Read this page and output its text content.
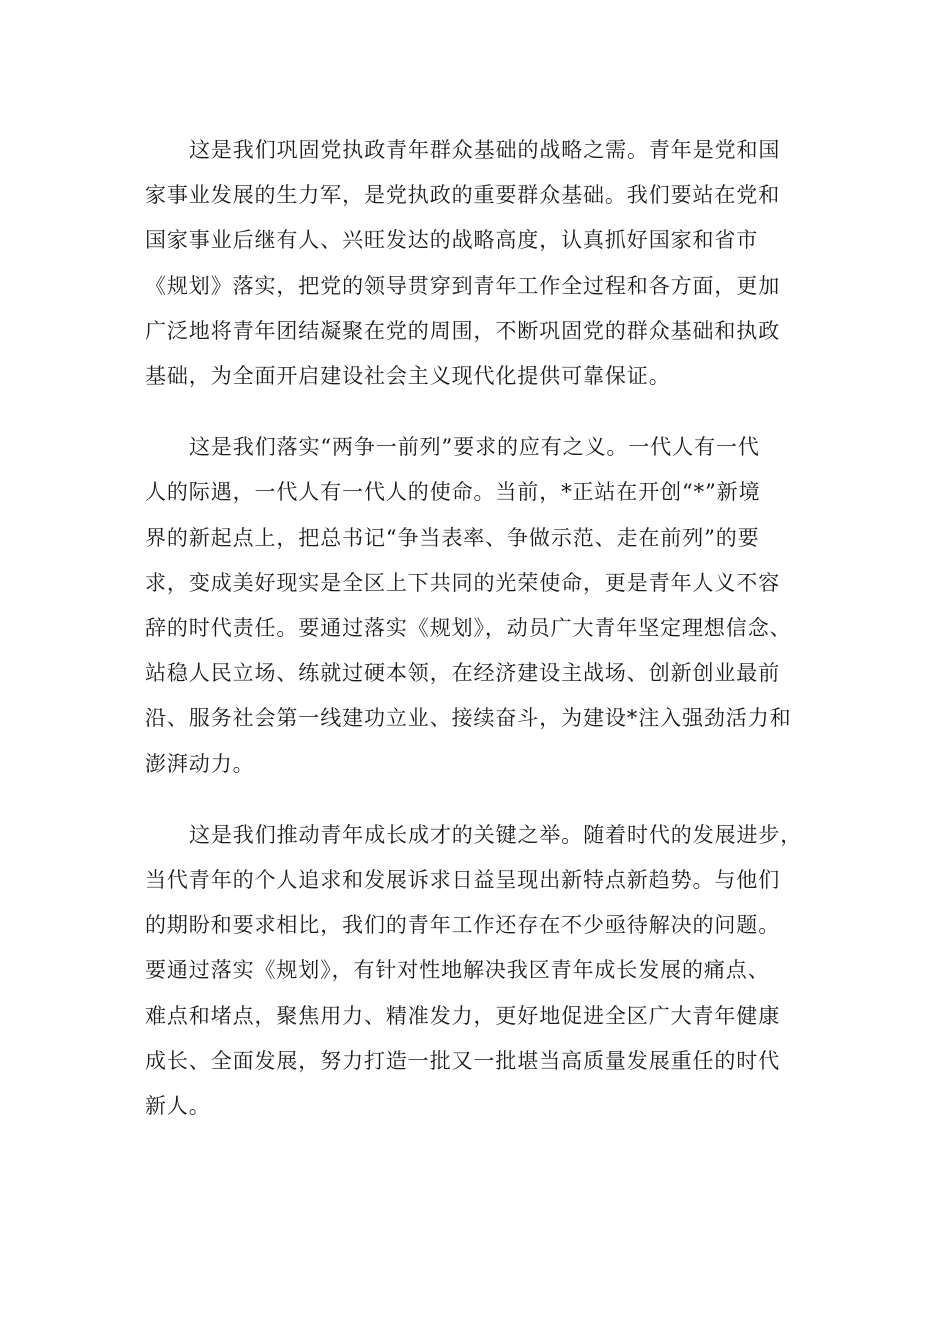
这是我们巩固党执政青年群众基础的战略之需。青年是党和国
家事业发展的生力军，是党执政的重要群众基础。我们要站在党和
国家事业后继有人、兴旺发达的战略高度，认真抓好国家和省市
《规划》落实，把党的领导贯穿到青年工作全过程和各方面，更加
广泛地将青年团结凝聚在党的周围，不断巩固党的群众基础和执政
基础，为全面开启建设社会主义现代化提供可靠保证。

这是我们落实“两争一前列”要求的应有之义。一代人有一代
人的际遇，一代人有一代人的使命。当前，*正站在开创“*”新境
界的新起点上，把总书记“争当表率、争做示范、走在前列”的要
求，变成美好现实是全区上下共同的光荣使命，更是青年人义不容
辞的时代责任。要通过落实《规划》，动员广大青年坚定理想信念、
站稳人民立场、练就过硬本领，在经济建设主战场、创新创业最前
沿、服务社会第一线建功立业、接续奋斗，为建设*注入强劲活力和
澎湃动力。

这是我们推动青年成长成才的关键之举。随着时代的发展进步，
当代青年的个人追求和发展诉求日益呈现出新特点新趋势。与他们
的期盼和要求相比，我们的青年工作还存在不少亟待解决的问题。
要通过落实《规划》，有针对性地解决我区青年成长发展的痛点、
难点和堵点，聚焦用力、精准发力，更好地促进全区广大青年健康
成长、全面发展，努力打造一批又一批堪当高质量发展重任的时代
新人。
